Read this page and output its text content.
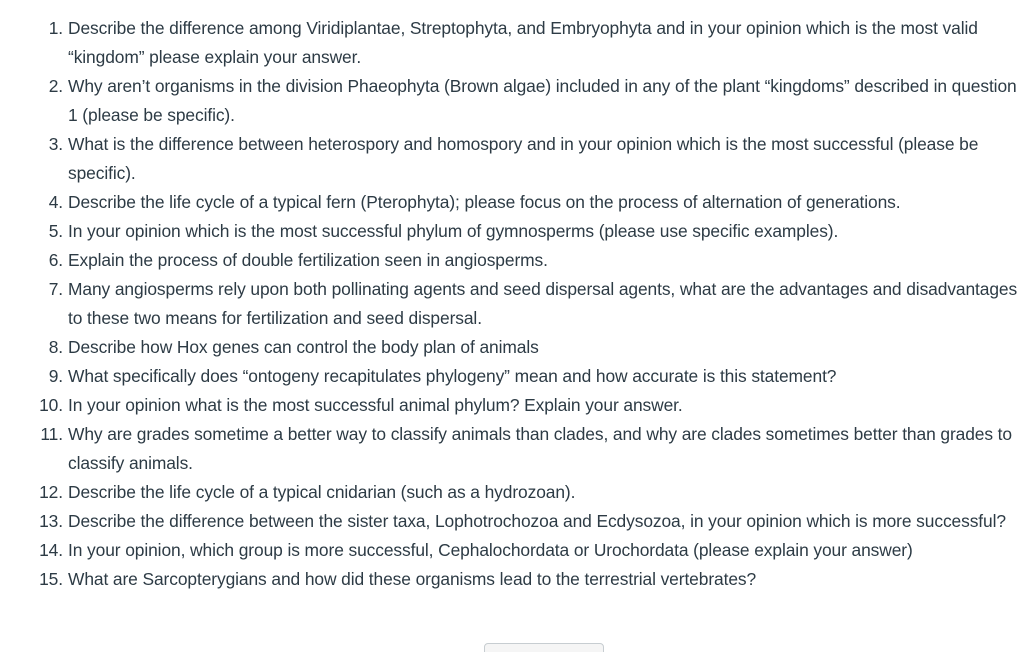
1. Describe the difference among Viridiplantae, Streptophyta, and Embryophyta and in your opinion which is the most valid “kingdom” please explain your answer.
2. Why aren’t organisms in the division Phaeophyta (Brown algae) included in any of the plant “kingdoms” described in question 1 (please be specific).
3. What is the difference between heterospory and homospory and in your opinion which is the most successful (please be specific).
4. Describe the life cycle of a typical fern (Pterophyta); please focus on the process of alternation of generations.
5. In your opinion which is the most successful phylum of gymnosperms (please use specific examples).
6. Explain the process of double fertilization seen in angiosperms.
7. Many angiosperms rely upon both pollinating agents and seed dispersal agents, what are the advantages and disadvantages to these two means for fertilization and seed dispersal.
8. Describe how Hox genes can control the body plan of animals
9. What specifically does “ontogeny recapitulates phylogeny” mean and how accurate is this statement?
10. In your opinion what is the most successful animal phylum? Explain your answer.
11. Why are grades sometime a better way to classify animals than clades, and why are clades sometimes better than grades to classify animals.
12. Describe the life cycle of a typical cnidarian (such as a hydrozoan).
13. Describe the difference between the sister taxa, Lophotrochozoa and Ecdysozoa, in your opinion which is more successful?
14. In your opinion, which group is more successful, Cephalochordata or Urochordata (please explain your answer)
15. What are Sarcopterygians and how did these organisms lead to the terrestrial vertebrates?
